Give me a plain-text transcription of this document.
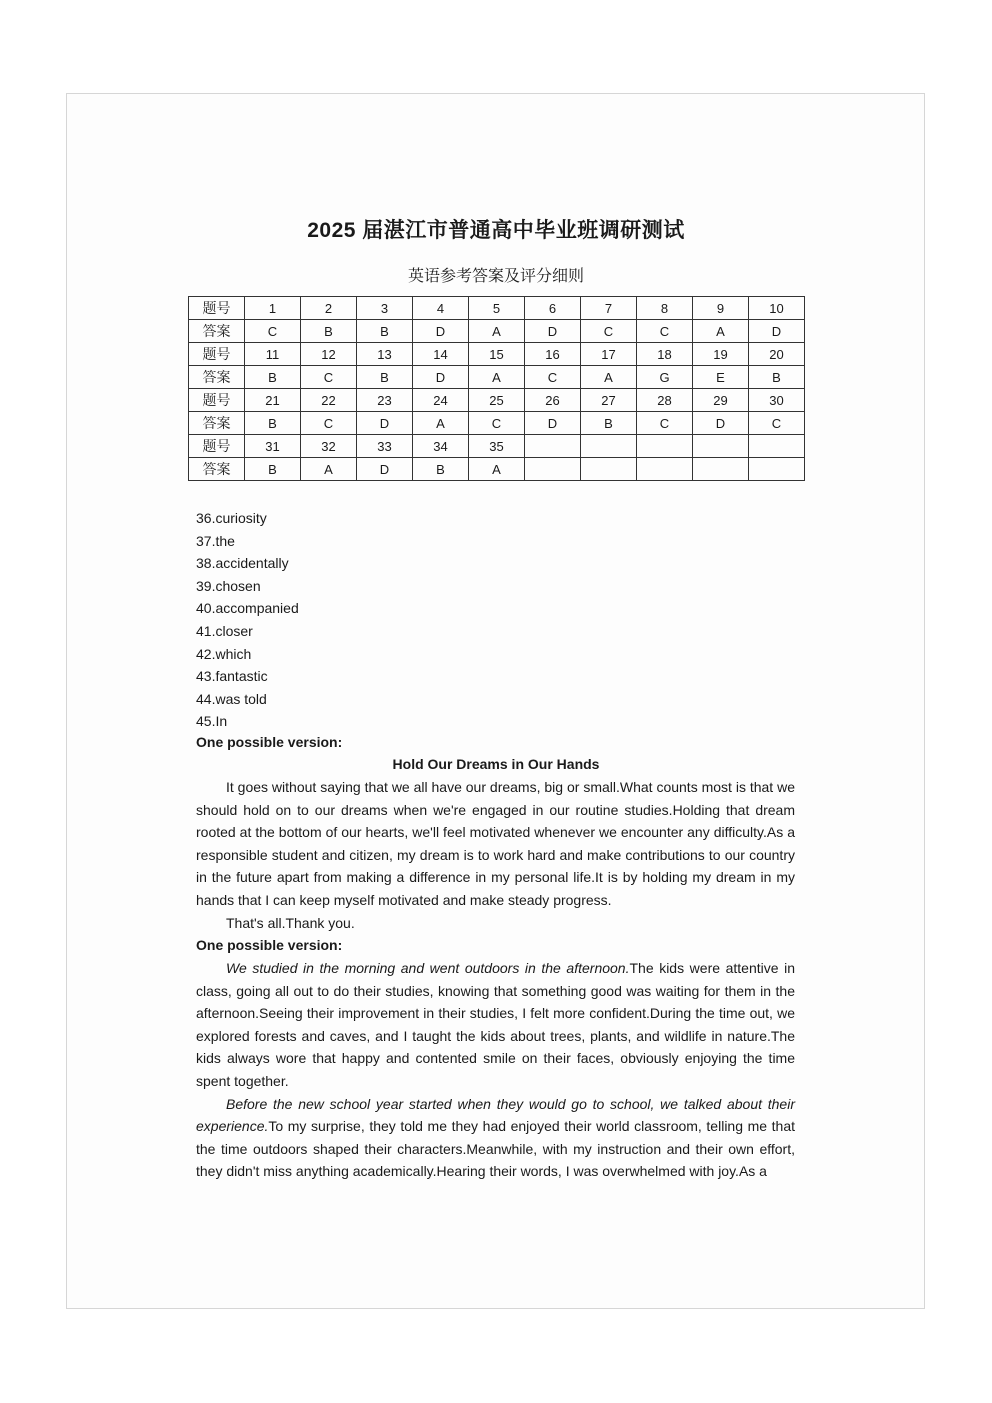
2025 届湛江市普通高中毕业班调研测试
英语参考答案及评分细则
题号	1	2	3	4	5	6	7	8	9	10
答案	C	B	B	D	A	D	C	C	A	D
题号	11	12	13	14	15	16	17	18	19	20
答案	B	C	B	D	A	C	A	G	E	B
题号	21	22	23	24	25	26	27	28	29	30
答案	B	C	D	A	C	D	B	C	D	C
题号	31	32	33	34	35					
答案	B	A	D	B	A					
36.curiosity
37.the
38.accidentally
39.chosen
40.accompanied
41.closer
42.which
43.fantastic
44.was told
45.In
One possible version:
Hold Our Dreams in Our Hands

It goes without saying that we all have our dreams, big or small.What counts most is that we should hold on to our dreams when we're engaged in our routine studies.Holding that dream rooted at the bottom of our hearts, we'll feel motivated whenever we encounter any difficulty.As a responsible student and citizen, my dream is to work hard and make contributions to our country in the future apart from making a difference in my personal life.It is by holding my dream in my hands that I can keep myself motivated and make steady progress.

That's all.Thank you.

One possible version:

We studied in the morning and went outdoors in the afternoon.The kids were attentive in class, going all out to do their studies, knowing that something good was waiting for them in the afternoon.Seeing their improvement in their studies, I felt more confident.During the time out, we explored forests and caves, and I taught the kids about trees, plants, and wildlife in nature.The kids always wore that happy and contented smile on their faces, obviously enjoying the time spent together.

Before the new school year started when they would go to school, we talked about their experience.To my surprise, they told me they had enjoyed their world classroom, telling me that the time outdoors shaped their characters.Meanwhile, with my instruction and their own effort, they didn't miss anything academically.Hearing their words, I was overwhelmed with joy.As a
